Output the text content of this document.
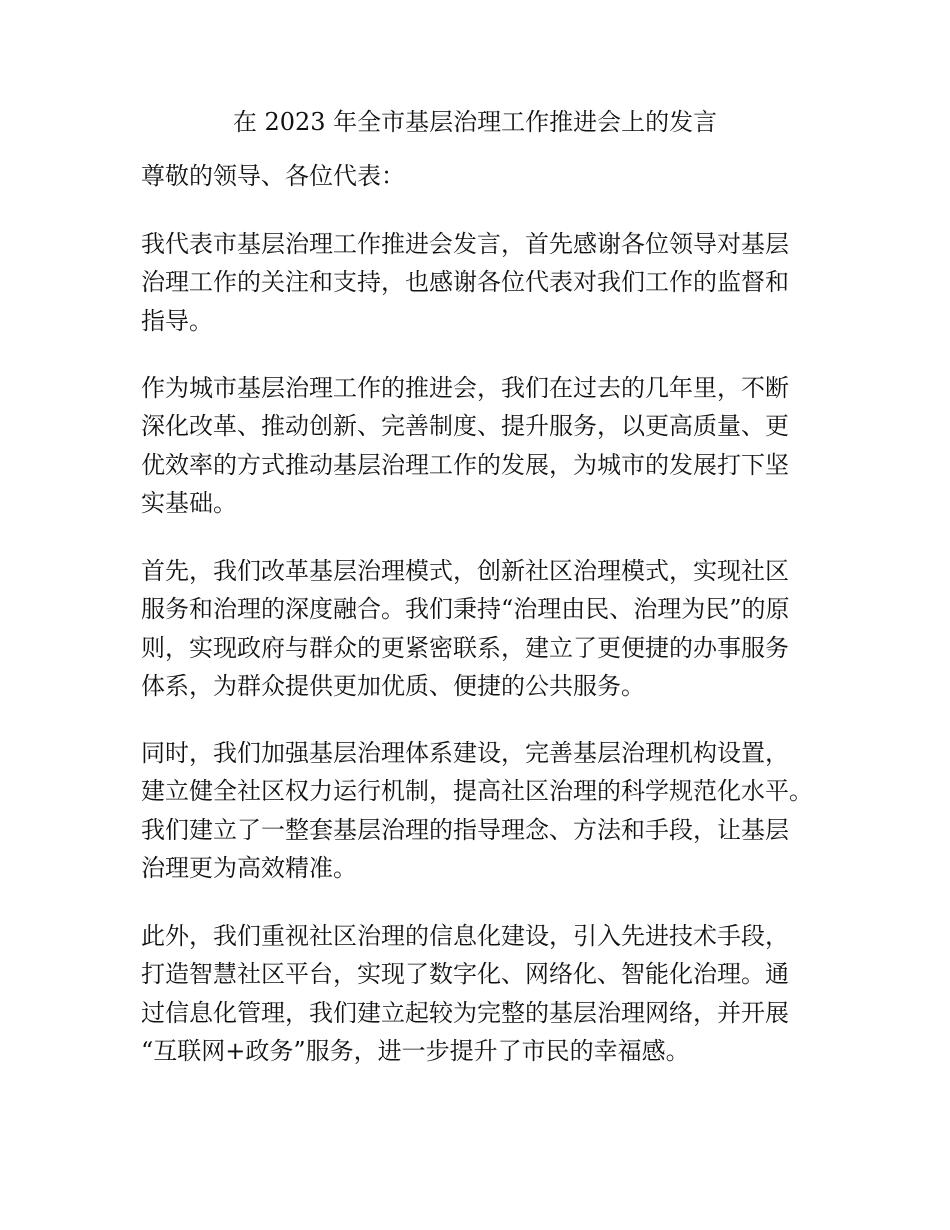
在 2023 年全市基层治理工作推进会上的发言

尊敬的领导、各位代表：

我代表市基层治理工作推进会发言，首先感谢各位领导对基层
治理工作的关注和支持，也感谢各位代表对我们工作的监督和
指导。

作为城市基层治理工作的推进会，我们在过去的几年里，不断
深化改革、推动创新、完善制度、提升服务，以更高质量、更
优效率的方式推动基层治理工作的发展，为城市的发展打下坚
实基础。

首先，我们改革基层治理模式，创新社区治理模式，实现社区
服务和治理的深度融合。我们秉持“治理由民、治理为民”的原
则，实现政府与群众的更紧密联系，建立了更便捷的办事服务
体系，为群众提供更加优质、便捷的公共服务。

同时，我们加强基层治理体系建设，完善基层治理机构设置，
建立健全社区权力运行机制，提高社区治理的科学规范化水平。
我们建立了一整套基层治理的指导理念、方法和手段，让基层
治理更为高效精准。

此外，我们重视社区治理的信息化建设，引入先进技术手段，
打造智慧社区平台，实现了数字化、网络化、智能化治理。通
过信息化管理，我们建立起较为完整的基层治理网络，并开展
“互联网+政务”服务，进一步提升了市民的幸福感。
